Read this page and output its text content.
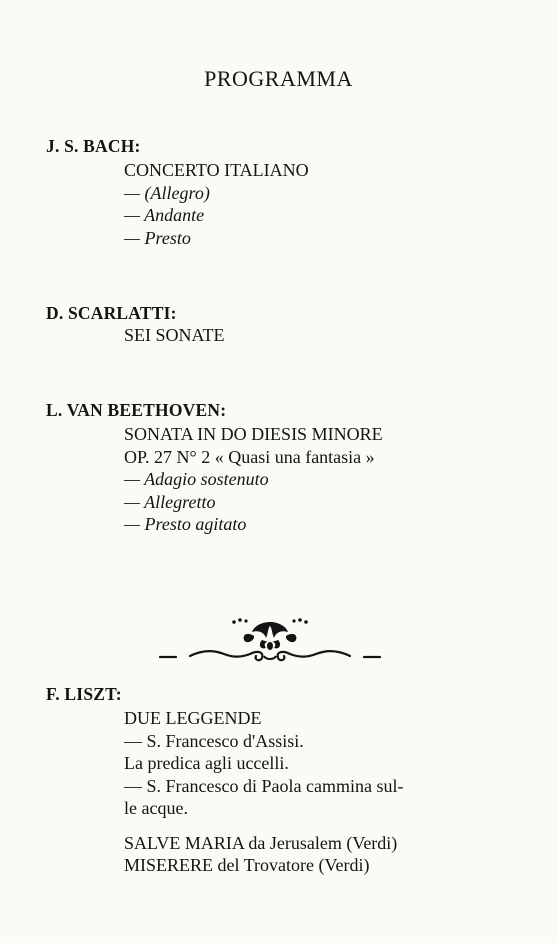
PROGRAMMA
J. S. BACH:
CONCERTO ITALIANO
— (Allegro)
— Andante
— Presto
D. SCARLATTI:
SEI SONATE
L. VAN BEETHOVEN:
SONATA IN DO DIESIS MINORE
OP. 27 N° 2 « Quasi una fantasia »
— Adagio sostenuto
— Allegretto
— Presto agitato
F. LISZT:
DUE LEGGENDE
— S. Francesco d'Assisi.
La predica agli uccelli.
— S. Francesco di Paola cammina sul-
le acque.
SALVE MARIA da Jerusalem (Verdi)
MISERERE del Trovatore (Verdi)
